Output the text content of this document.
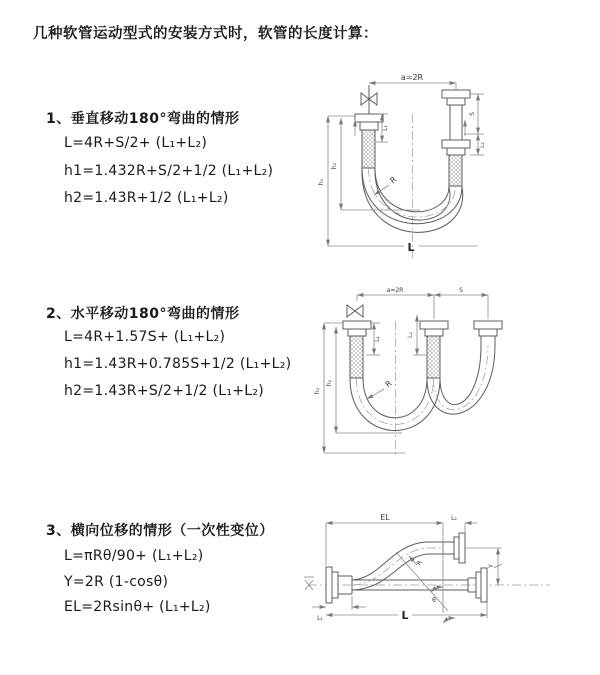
几种软管运动型式的安装方式时，软管的长度计算：
1、垂直移动180°弯曲的情形
L=4R+S/2+ (L₁+L₂)
h1=1.432R+S/2+1/2 (L₁+L₂)
h2=1.43R+1/2 (L₁+L₂)
2、水平移动180°弯曲的情形
L=4R+1.57S+ (L₁+L₂)
h1=1.43R+0.785S+1/2 (L₁+L₂)
h2=1.43R+S/2+1/2 (L₁+L₂)
3、横向位移的情形（一次性变位）
L=πRθ/90+ (L₁+L₂)
Y=2R (1-cosθ)
EL=2Rsinθ+ (L₁+L₂)
a=2R
h₁
h₂
S
L₂
L₁
R
L
a=2R	S
h₁
h₂
L₁
L₂
R
EL	L₂
Y
R
θ
L
L₁
